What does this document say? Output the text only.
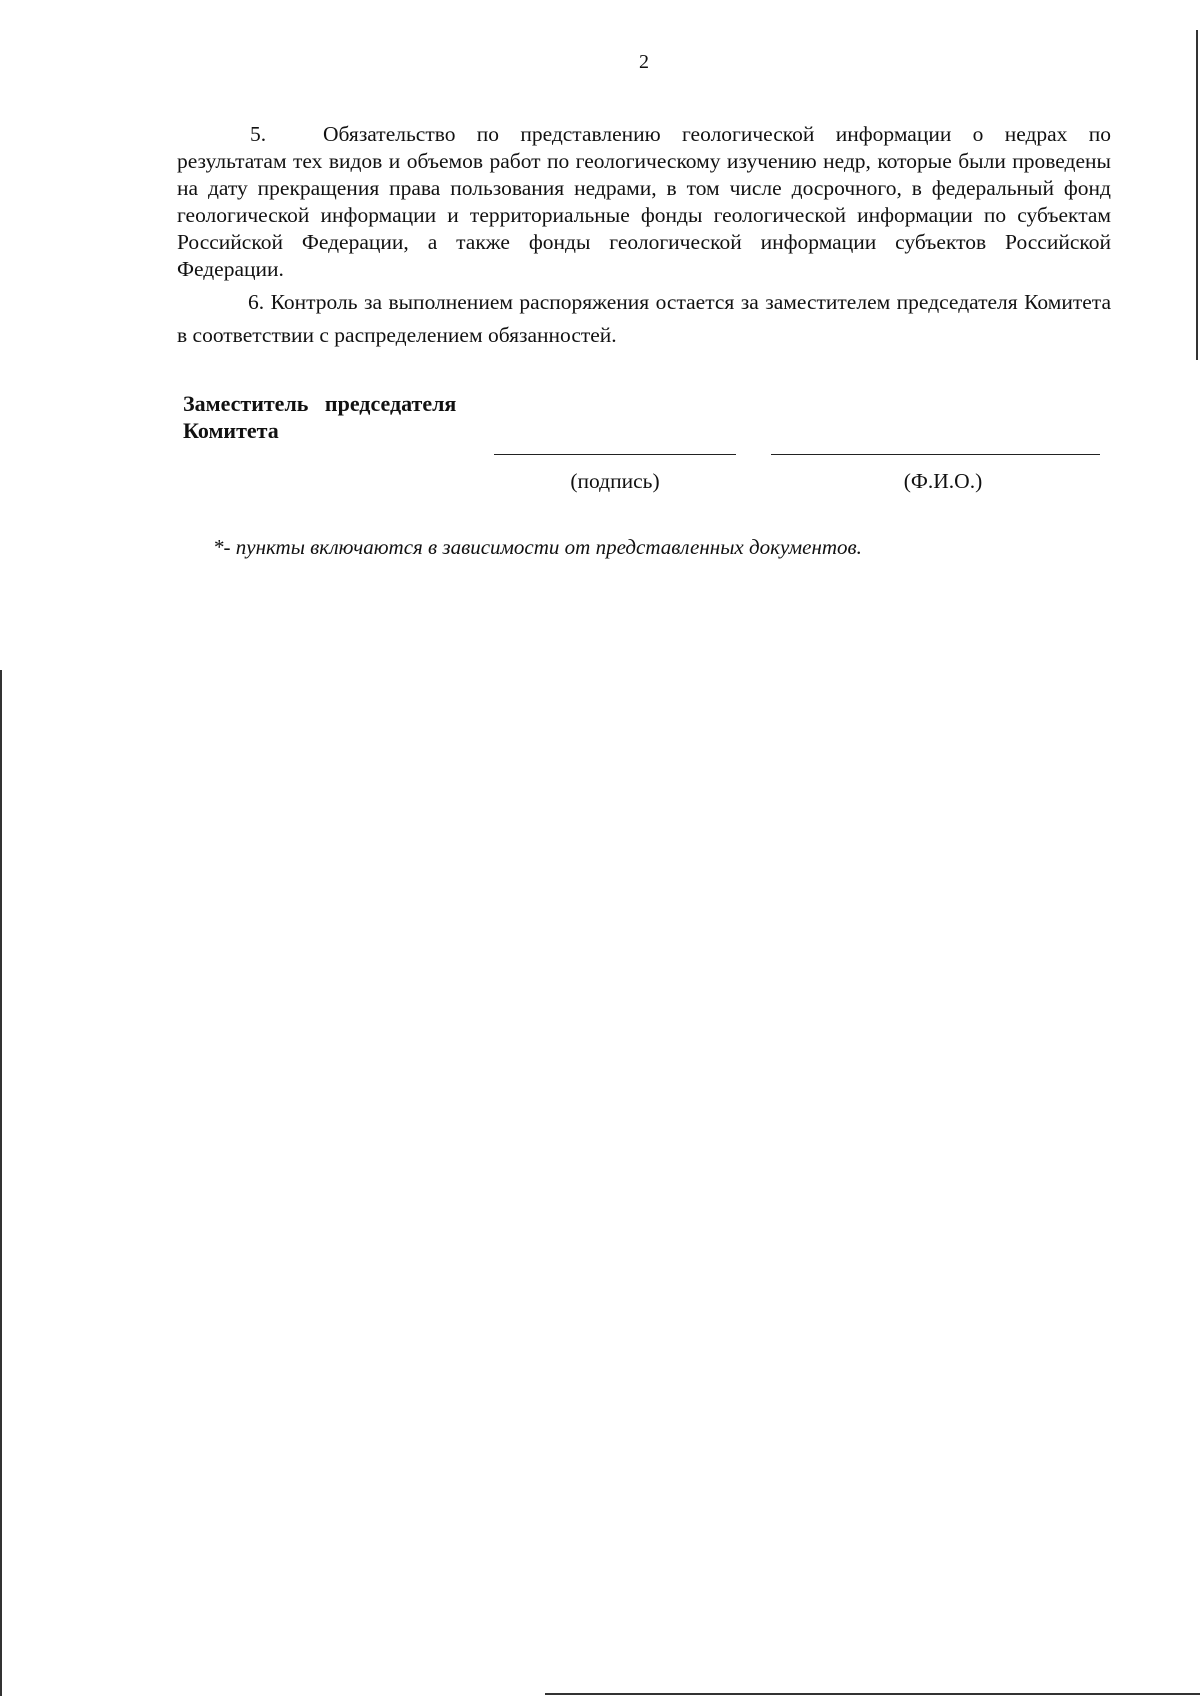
2
5.	Обязательство по представлению геологической информации о недрах по результатам тех видов и объемов работ по геологическому изучению недр, которые были проведены на дату прекращения права пользования недрами, в том числе досрочного, в федеральный фонд геологической информации и территориальные фонды геологической информации по субъектам Российской Федерации, а также фонды геологической информации субъектов Российской Федерации.
6. Контроль за выполнением распоряжения остается за заместителем председателя Комитета в соответствии с распределением обязанностей.
Заместитель   председателя
Комитета
(подпись)	(Ф.И.О.)
*- пункты включаются в зависимости от представленных документов.
